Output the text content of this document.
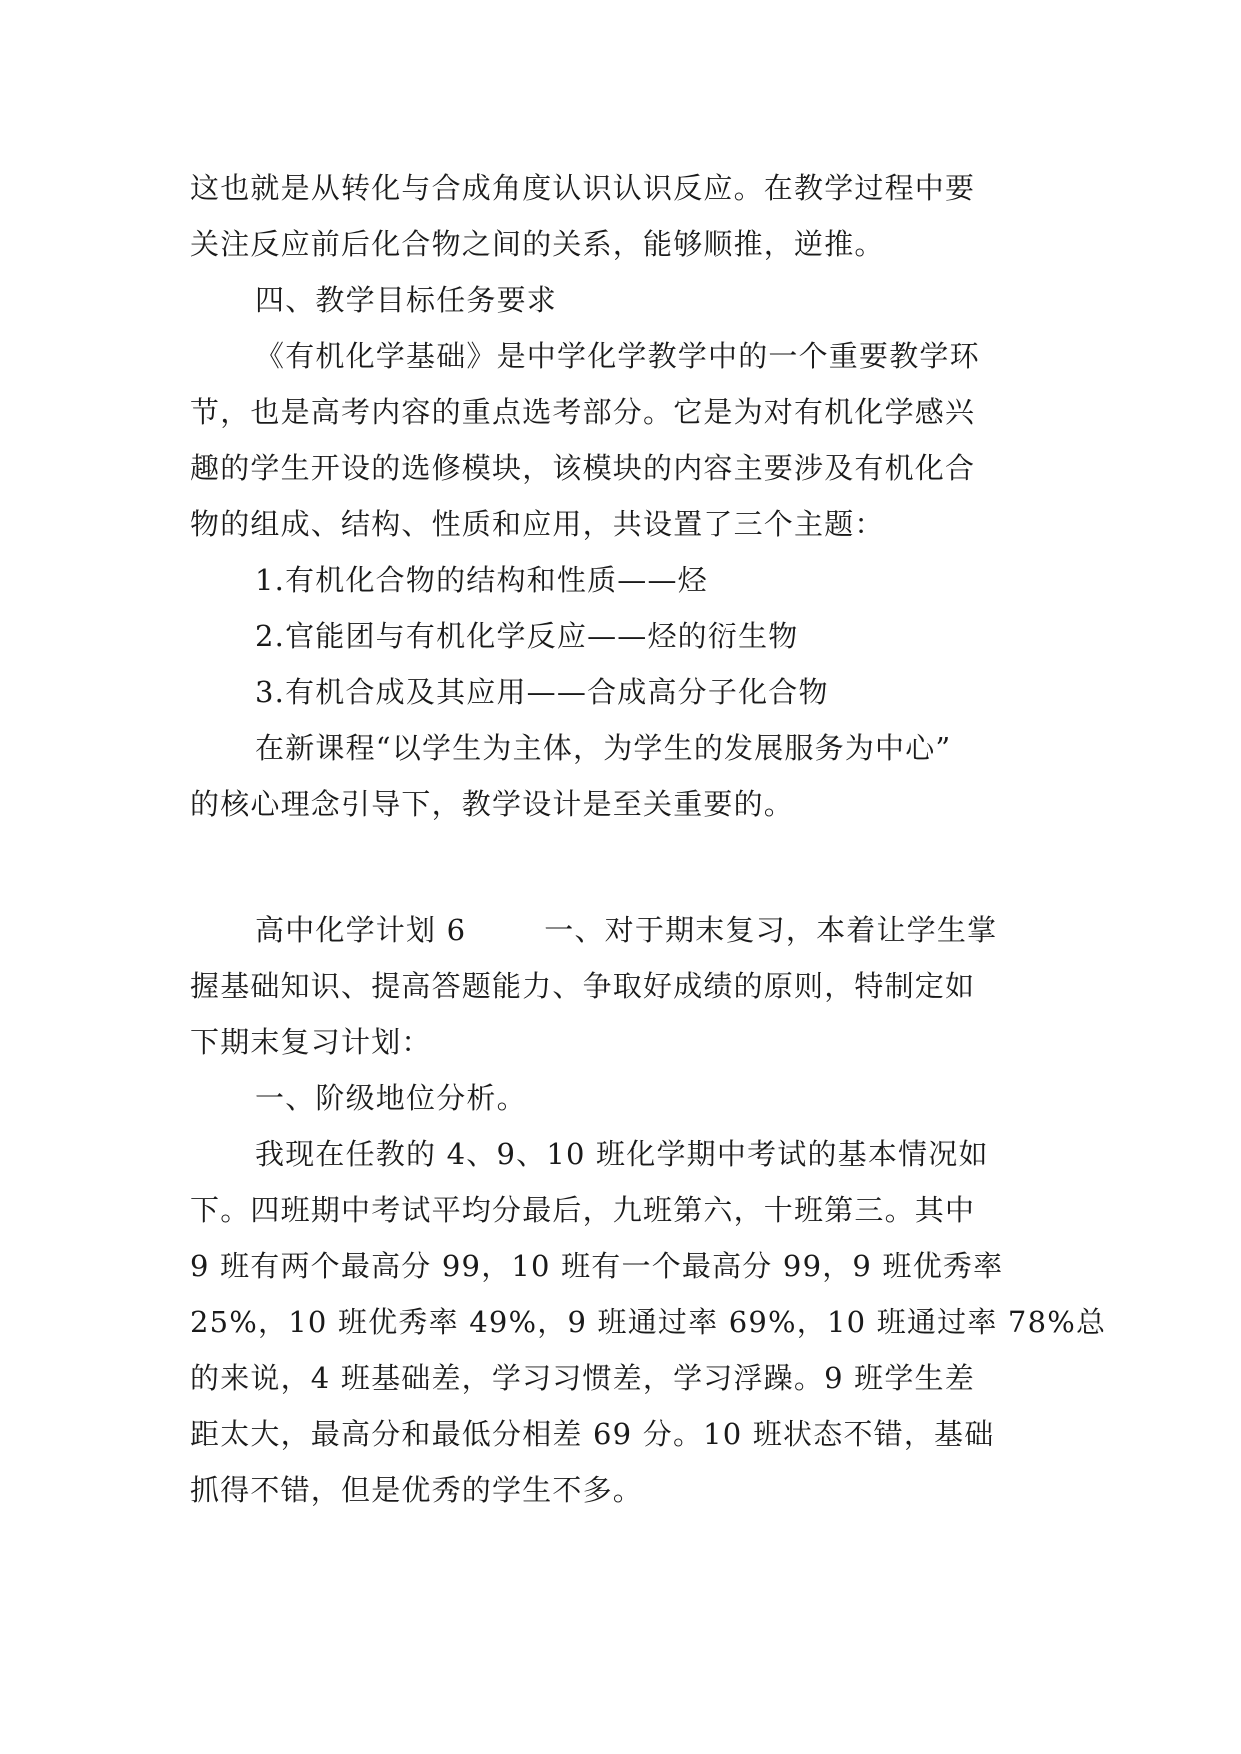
这也就是从转化与合成角度认识认识反应。在教学过程中要
关注反应前后化合物之间的关系，能够顺推，逆推。
四、教学目标任务要求
《有机化学基础》是中学化学教学中的一个重要教学环
节，也是高考内容的重点选考部分。它是为对有机化学感兴
趣的学生开设的选修模块，该模块的内容主要涉及有机化合
物的组成、结构、性质和应用，共设置了三个主题：
1.有机化合物的结构和性质——烃
2.官能团与有机化学反应——烃的衍生物
3.有机合成及其应用——合成高分子化合物
在新课程“以学生为主体，为学生的发展服务为中心”
的核心理念引导下，教学设计是至关重要的。
高中化学计划 6	一、对于期末复习，本着让学生掌
握基础知识、提高答题能力、争取好成绩的原则，特制定如
下期末复习计划：
一、阶级地位分析。
我现在任教的 4、9、10 班化学期中考试的基本情况如
下。四班期中考试平均分最后，九班第六，十班第三。其中
9 班有两个最高分 99，10 班有一个最高分 99，9 班优秀率
25%，10 班优秀率 49%，9 班通过率 69%，10 班通过率 78%总
的来说，4 班基础差，学习习惯差，学习浮躁。9 班学生差
距太大，最高分和最低分相差 69 分。10 班状态不错，基础
抓得不错，但是优秀的学生不多。
